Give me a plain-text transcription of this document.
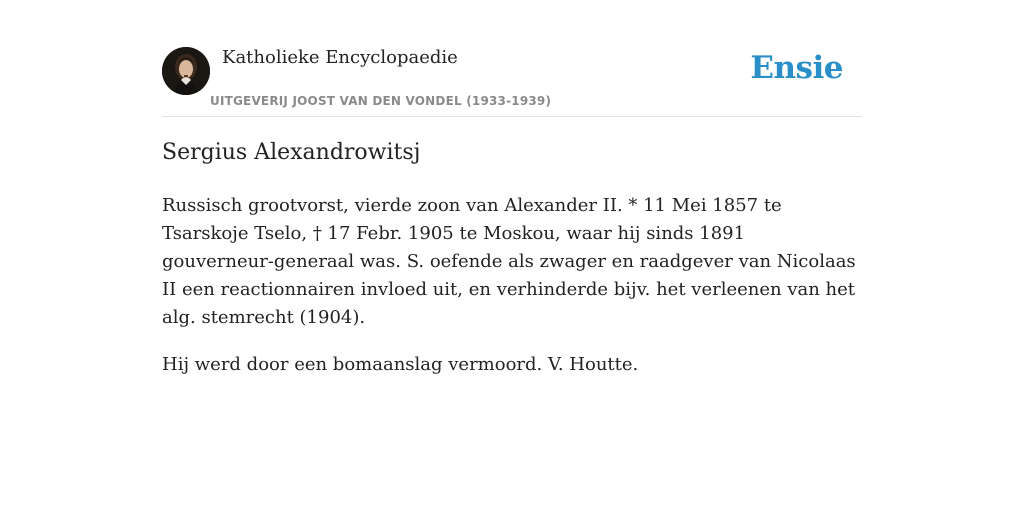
Katholieke Encyclopaedie
UITGEVERIJ JOOST VAN DEN VONDEL (1933-1939)
Ensie
Sergius Alexandrowitsj

Russisch grootvorst, vierde zoon van Alexander II. * 11 Mei 1857 te Tsarskoje Tselo, † 17 Febr. 1905 te Moskou, waar hij sinds 1891 gouverneur-generaal was. S. oefende als zwager en raadgever van Nicolaas II een reactionnairen invloed uit, en verhinderde bijv. het verleenen van het alg. stemrecht (1904).

Hij werd door een bomaanslag vermoord. V. Houtte.
